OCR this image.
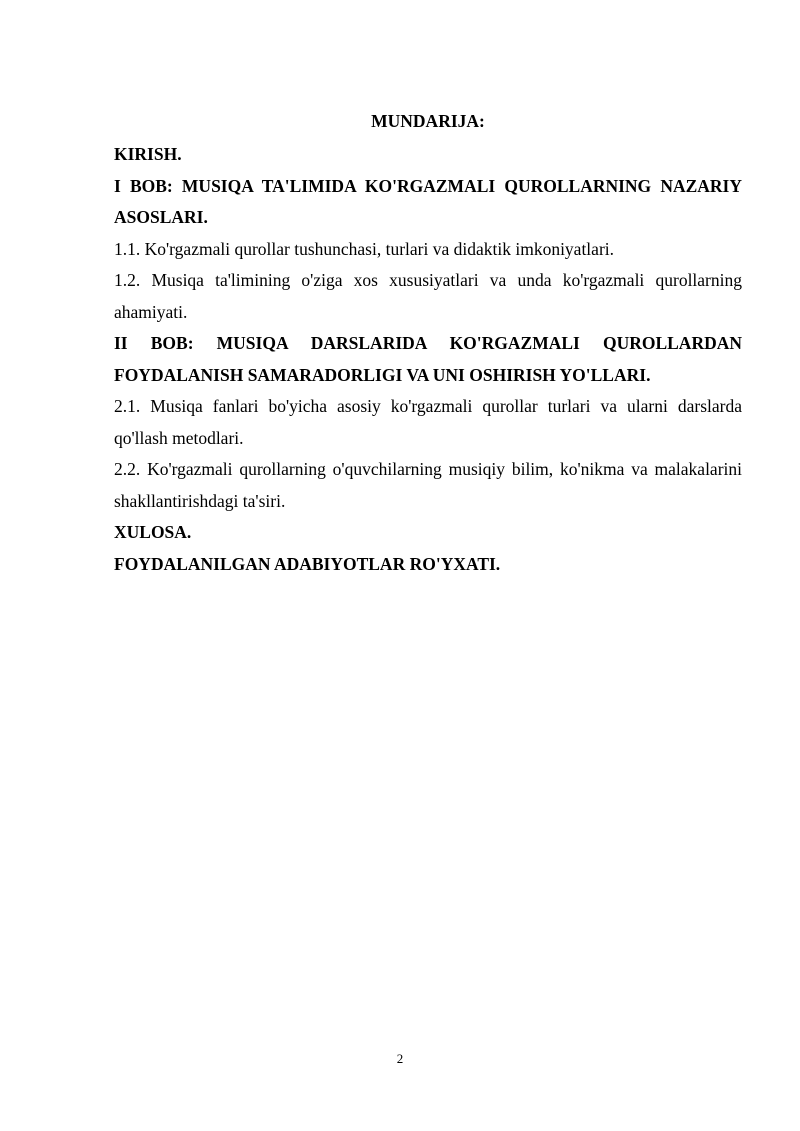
MUNDARIJA:

KIRISH.

I BOB: MUSIQA TA'LIMIDA KO'RGAZMALI QUROLLARNING NAZARIY ASOSLARI.

1.1. Ko'rgazmali qurollar tushunchasi, turlari va didaktik imkoniyatlari.

1.2. Musiqa ta'limining o'ziga xos xususiyatlari va unda ko'rgazmali qurollarning ahamiyati.

II BOB: MUSIQA DARSLARIDA KO'RGAZMALI QUROLLARDAN FOYDALANISH SAMARADORLIGI VA UNI OSHIRISH YO'LLARI.

2.1. Musiqa fanlari bo'yicha asosiy ko'rgazmali qurollar turlari va ularni darslarda qo'llash metodlari.

2.2. Ko'rgazmali qurollarning o'quvchilarning musiqiy bilim, ko'nikma va malakalarini shakllantirishdagi ta'siri.

XULOSA.

FOYDALANILGAN ADABIYOTLAR RO'YXATI.

2
